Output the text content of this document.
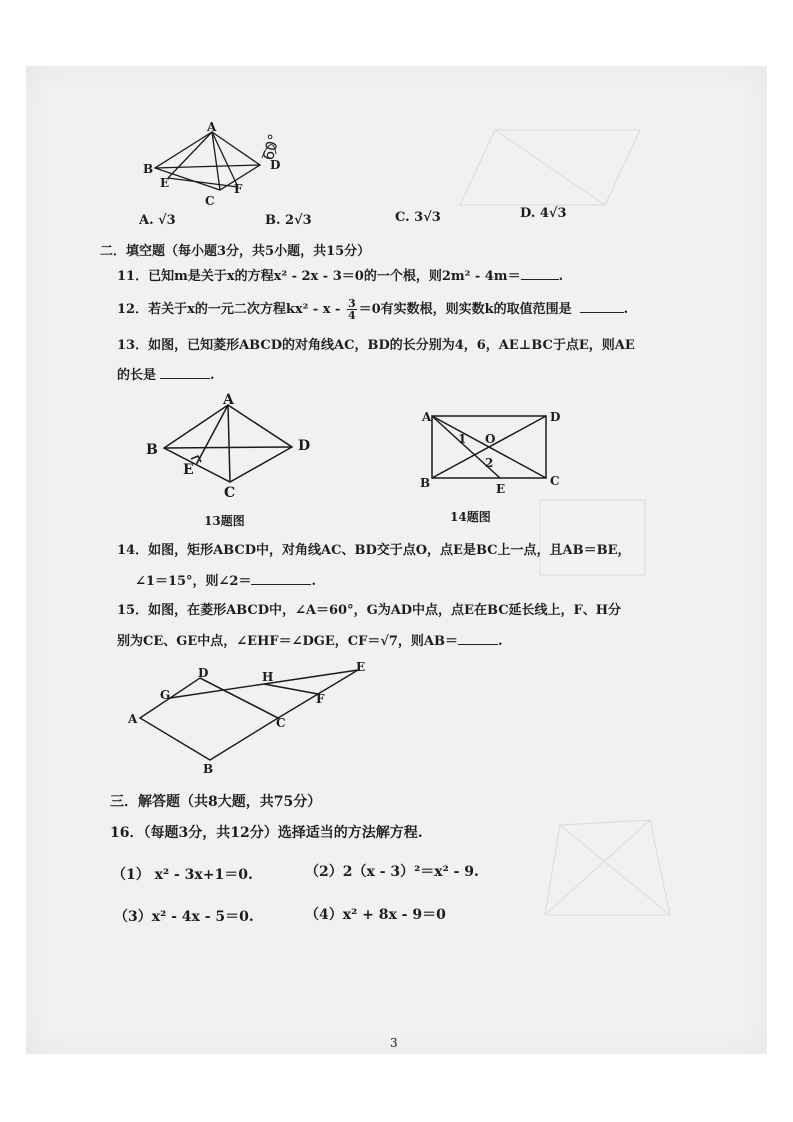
A
B
E
C
F
D
60°
A. √3	B. 2√3	C. 3√3	D. 4√3
二．填空题（每小题3分，共5小题，共15分）
11．已知m是关于x的方程x² - 2x - 3＝0的一个根，则2m² - 4m＝	.
12．若关于x的一元二次方程$kx^2 - x - \frac{3}{4} =0$有实数根，则实数k的取值范围是	.
13．如图，已知菱形ABCD的对角线AC，BD的长分别为4，6，AE⊥BC于点E，则AE
的长是	.
A
B	D
E
C
13题图
A	D
1 O
2
B	E
C
14题图
14．如图，矩形ABCD中，对角线AC、BD交于点O，点E是BC上一点，且AB＝BE，
∠1＝15°，则∠2＝	.
15．如图，在菱形ABCD中，∠A＝60°，G为AD中点，点E在BC延长线上，F、H分
别为CE、GE中点，∠EHF＝∠DGE，CF＝√7，则AB＝	.
A
G
D	H
E
F
C
B
三．解答题（共8大题，共75分）
16．（每题3分，共12分）选择适当的方法解方程.
（1） x² - 3x+1＝0.	（2）2（x - 3）²＝x² - 9.
（3）x² - 4x - 5＝0.	（4）x² + 8x - 9＝0
3
